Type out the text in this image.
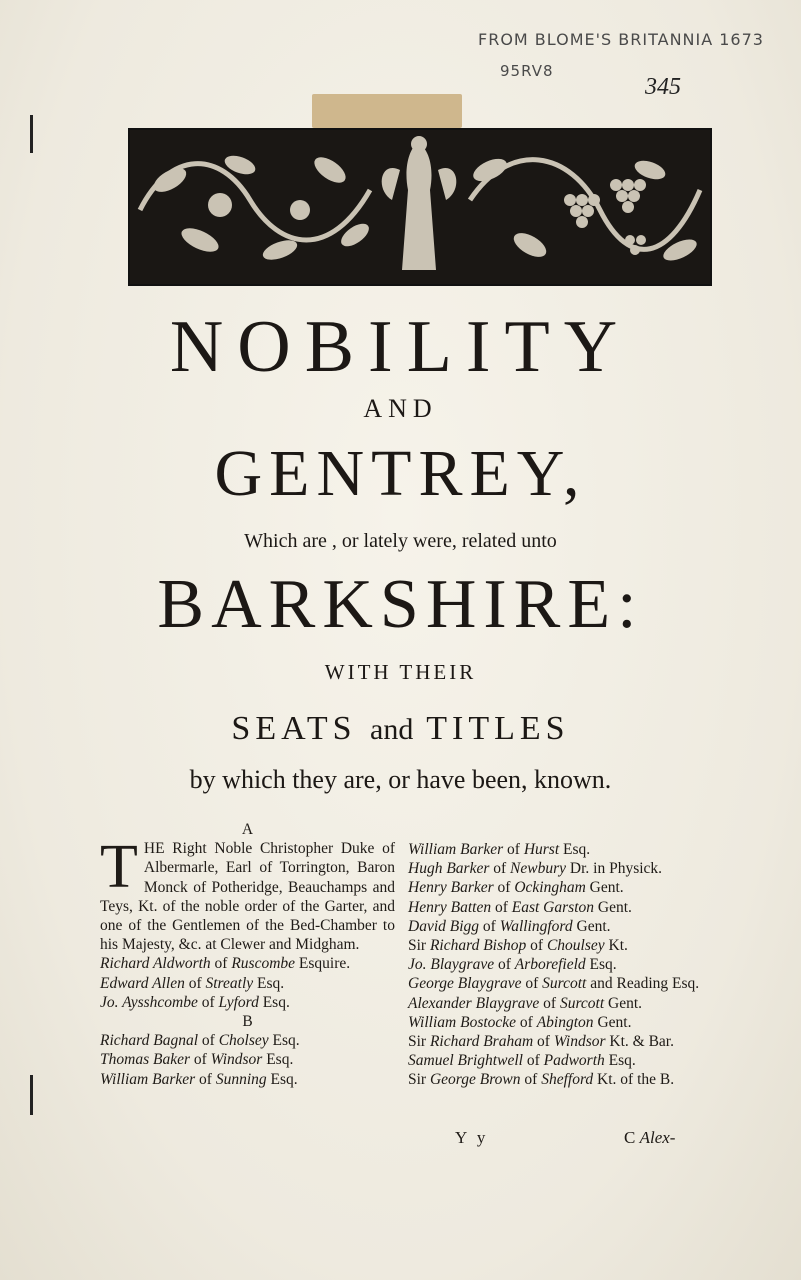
FROM BLOME'S BRITANNIA 1673
95RV8
345
NOBILITY
AND
GENTREY,
Which are , or lately were, related unto
BARKSHIRE:
WITH THEIR
SEATS and TITLES
by which they are, or have been, known.

A

THE Right Noble Christopher Duke of Albermarle, Earl of Torrington, Baron Monck of Potheridge, Beauchamps and Teys, Kt. of the noble order of the Garter, and one of the Gentlemen of the Bed-Chamber to his Majesty, &c. at Clewer and Midgham.

Richard Aldworth of Ruscombe Esquire.

Edward Allen of Streatly Esq.

Jo. Aysshcombe of Lyford Esq.

B

Richard Bagnal of Cholsey Esq.

Thomas Baker of Windsor Esq.

William Barker of Sunning Esq.

William Barker of Hurst Esq.

Hugh Barker of Newbury Dr. in Physick.

Henry Barker of Ockingham Gent.

Henry Batten of East Garston Gent.

David Bigg of Wallingford Gent.

Sir Richard Bishop of Choulsey Kt.

Jo. Blaygrave of Arborefield Esq.

George Blaygrave of Surcott and Reading Esq.

Alexander Blaygrave of Surcott Gent.

William Bostocke of Abington Gent.

Sir Richard Braham of Windsor Kt. & Bar.

Samuel Brightwell of Padworth Esq.

Sir George Brown of Shefford Kt. of the B.

Y y	C Alex-
